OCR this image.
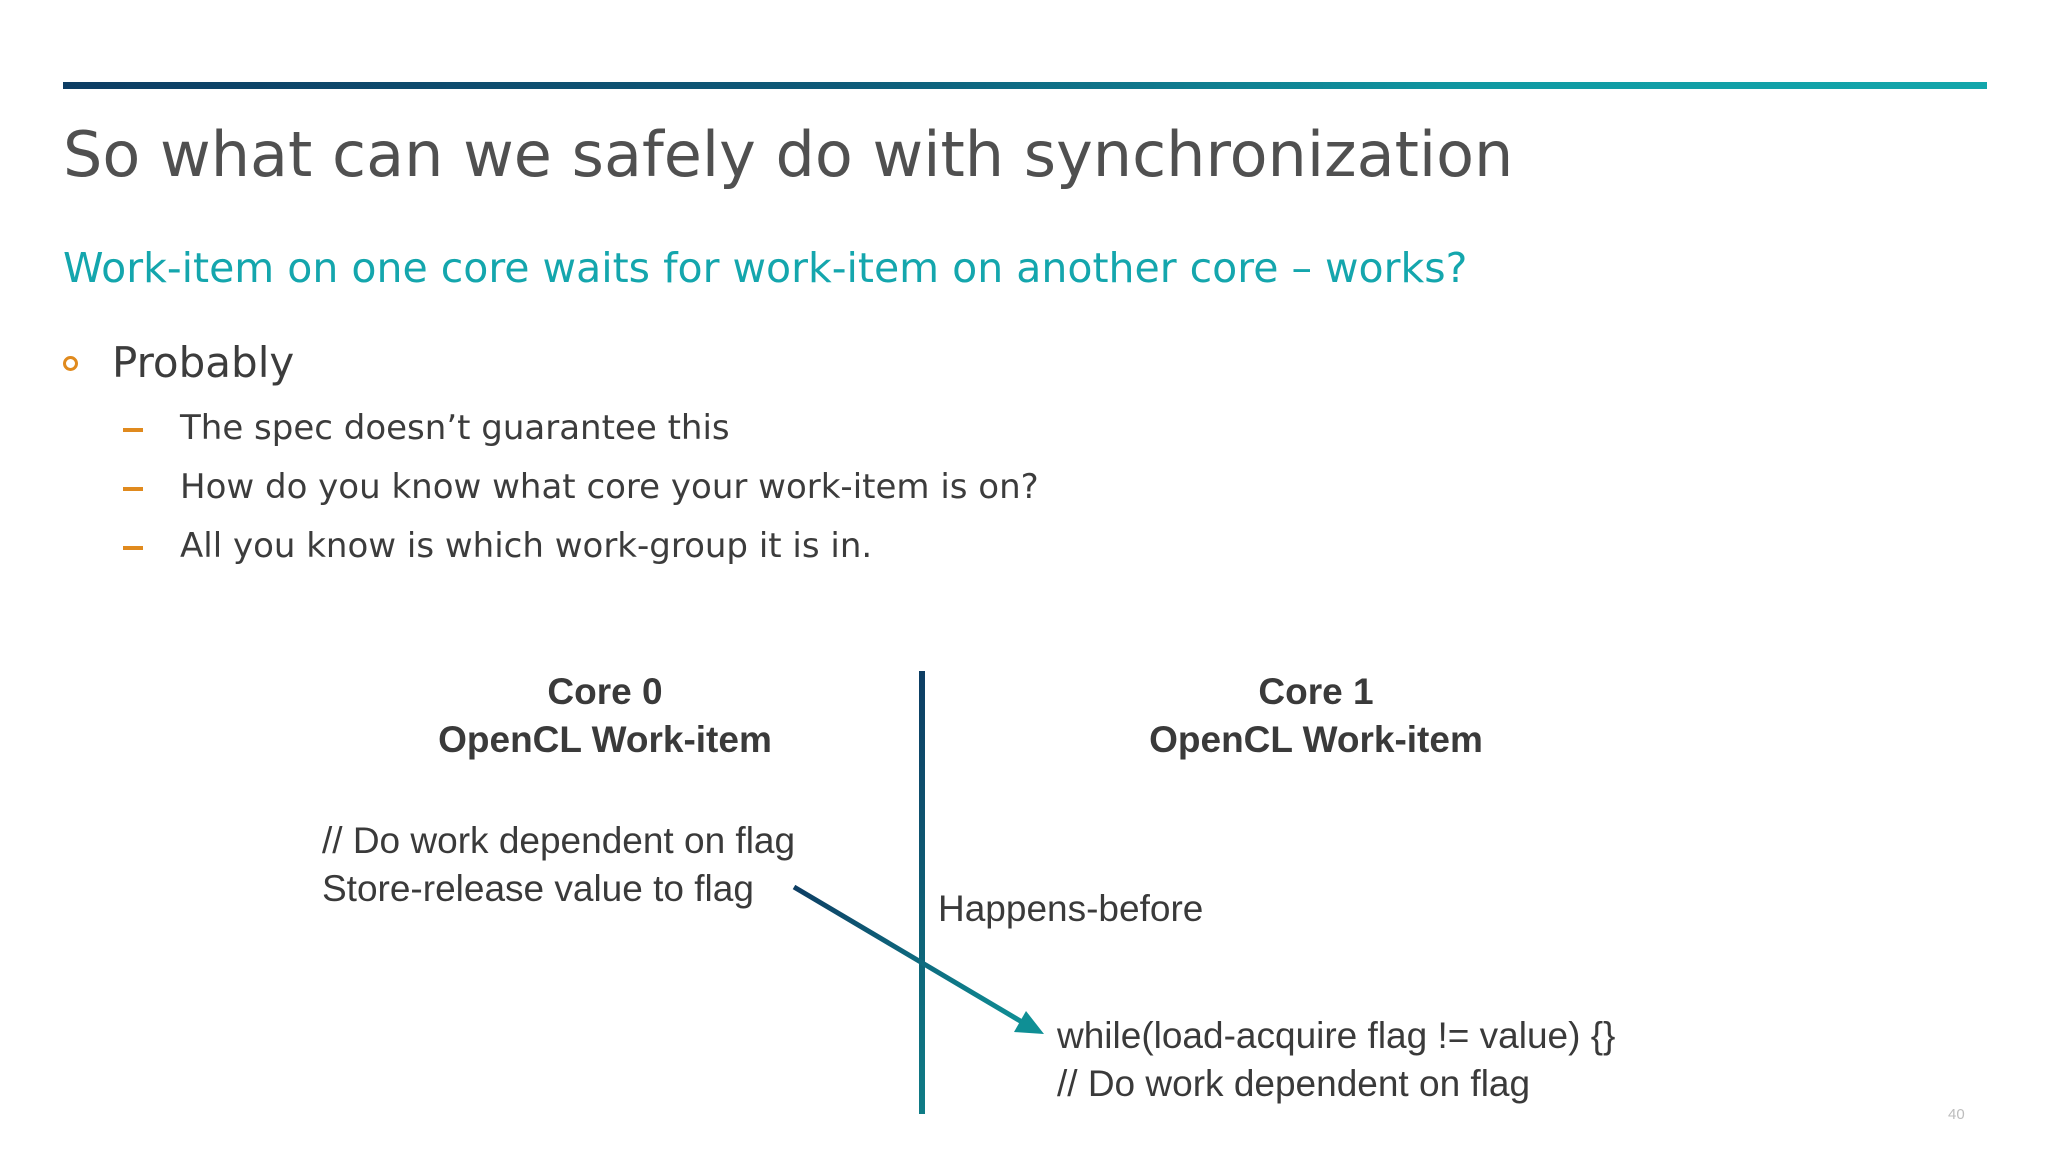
So what can we safely do with synchronization
Work-item on one core waits for work-item on another core – works?
Probably
The spec doesn’t guarantee this
How do you know what core your work-item is on?
All you know is which work-group it is in.
Core 0
OpenCL Work-item
Core 1
OpenCL Work-item
// Do work dependent on flag
Store-release value to flag	Happens-before
while(load-acquire flag != value) {}
// Do work dependent on flag
40
